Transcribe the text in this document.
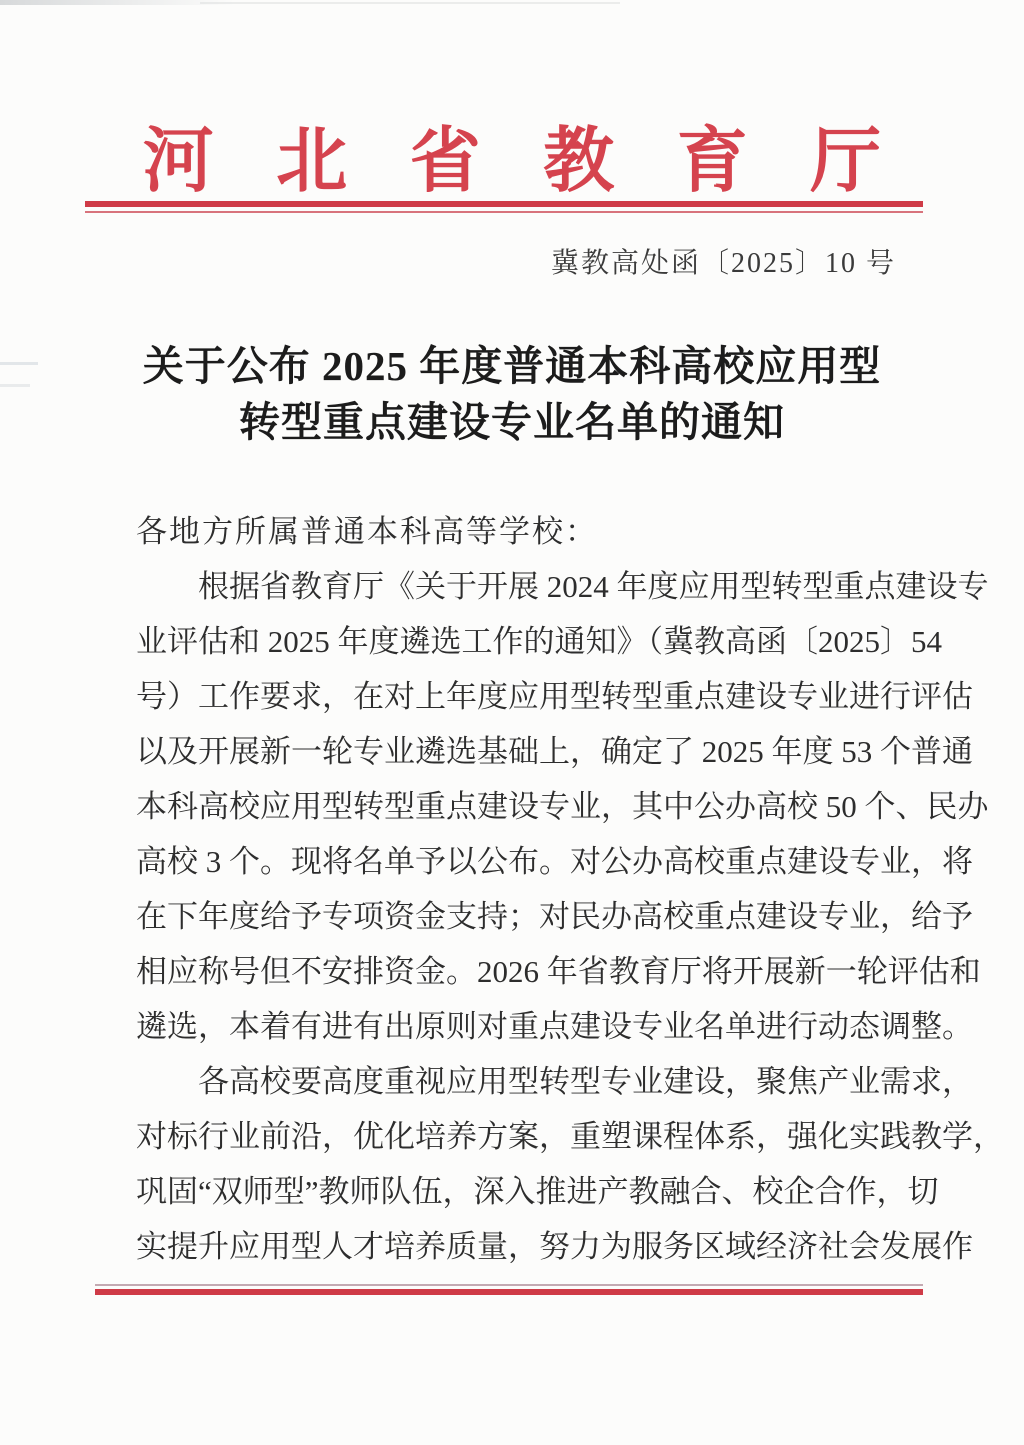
河北省教育厅
冀教高处函〔2025〕10 号
关于公布 2025 年度普通本科高校应用型
转型重点建设专业名单的通知
各地方所属普通本科高等学校：
根据省教育厅《关于开展 2024 年度应用型转型重点建设专
业评估和 2025 年度遴选工作的通知》（冀教高函〔2025〕54
号）工作要求，在对上年度应用型转型重点建设专业进行评估
以及开展新一轮专业遴选基础上，确定了 2025 年度 53 个普通
本科高校应用型转型重点建设专业，其中公办高校 50 个、民办
高校 3 个。现将名单予以公布。对公办高校重点建设专业，将
在下年度给予专项资金支持；对民办高校重点建设专业，给予
相应称号但不安排资金。2026 年省教育厅将开展新一轮评估和
遴选，本着有进有出原则对重点建设专业名单进行动态调整。
各高校要高度重视应用型转型专业建设，聚焦产业需求，
对标行业前沿，优化培养方案，重塑课程体系，强化实践教学，
巩固“双师型”教师队伍，深入推进产教融合、校企合作，切
实提升应用型人才培养质量，努力为服务区域经济社会发展作
